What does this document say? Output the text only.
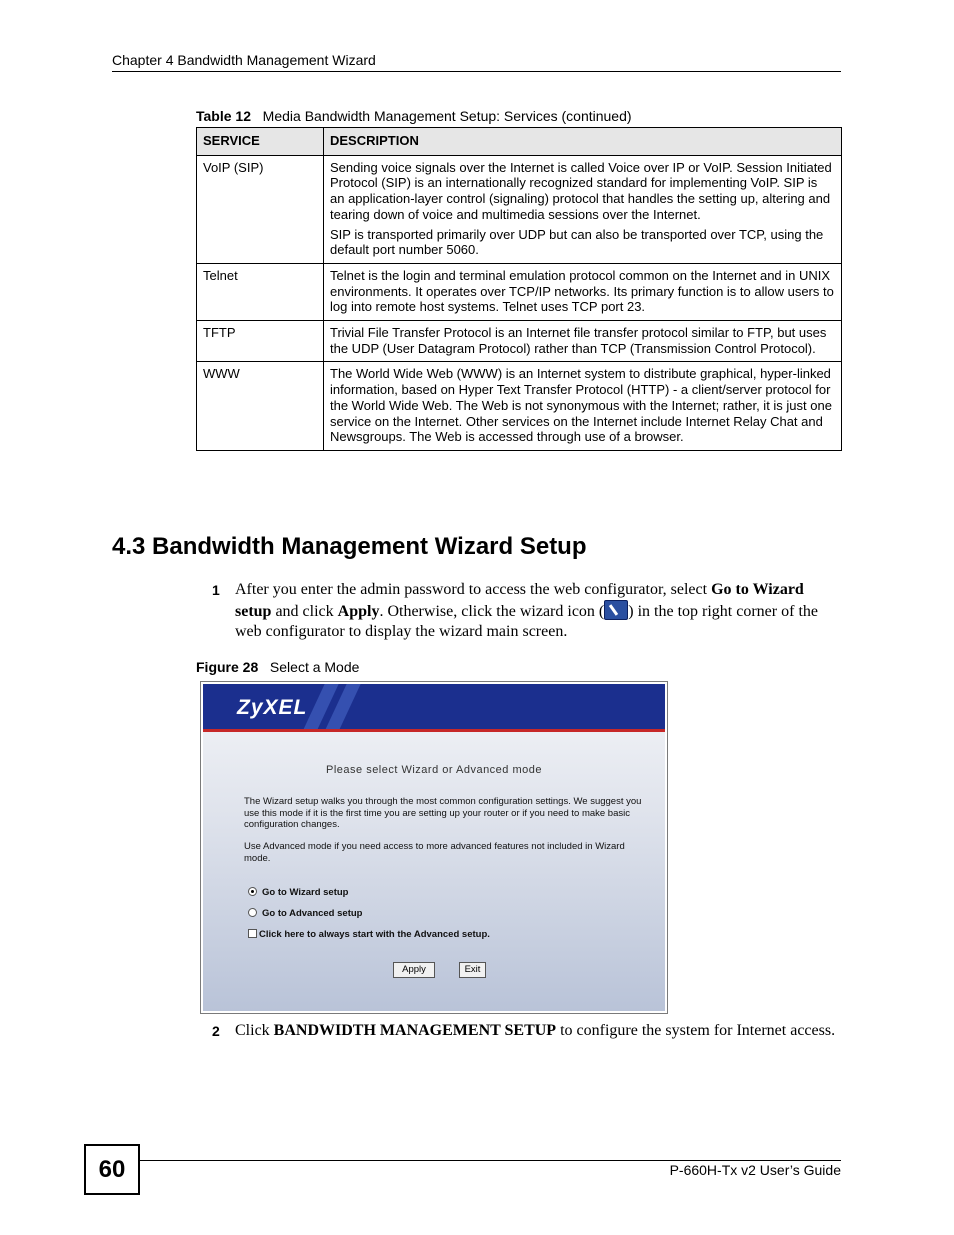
Chapter 4 Bandwidth Management Wizard
Table 12 Media Bandwidth Management Setup: Services (continued)
SERVICE	DESCRIPTION
VoIP (SIP)	Sending voice signals over the Internet is called Voice over IP or VoIP. Session Initiated Protocol (SIP) is an internationally recognized standard for implementing VoIP. SIP is an application-layer control (signaling) protocol that handles the setting up, altering and tearing down of voice and multimedia sessions over the Internet.

SIP is transported primarily over UDP but can also be transported over TCP, using the default port number 5060.

Telnet	Telnet is the login and terminal emulation protocol common on the Internet and in UNIX environments. It operates over TCP/IP networks. Its primary function is to allow users to log into remote host systems. Telnet uses TCP port 23.

TFTP	Trivial File Transfer Protocol is an Internet file transfer protocol similar to FTP, but uses the UDP (User Datagram Protocol) rather than TCP (Transmission Control Protocol).

WWW	The World Wide Web (WWW) is an Internet system to distribute graphical, hyper-linked information, based on Hyper Text Transfer Protocol (HTTP) - a client/server protocol for the World Wide Web. The Web is not synonymous with the Internet; rather, it is just one service on the Internet. Other services on the Internet include Internet Relay Chat and Newsgroups. The Web is accessed through use of a browser.

4.3 Bandwidth Management Wizard Setup
1 After you enter the admin password to access the web configurator, select Go to Wizard setup and click Apply. Otherwise, click the wizard icon ( ) in the top right corner of the web configurator to display the wizard main screen.
Figure 28 Select a Mode
ZyXEL
Please select Wizard or Advanced mode
The Wizard setup walks you through the most common configuration settings. We suggest you use this mode if it is the first time you are setting up your router or if you need to make basic configuration changes.
Use Advanced mode if you need access to more advanced features not included in Wizard mode.
Go to Wizard setup
Go to Advanced setup
Click here to always start with the Advanced setup.
Apply	Exit
2 Click BANDWIDTH MANAGEMENT SETUP to configure the system for Internet access.
60	P-660H-Tx v2 User’s Guide
